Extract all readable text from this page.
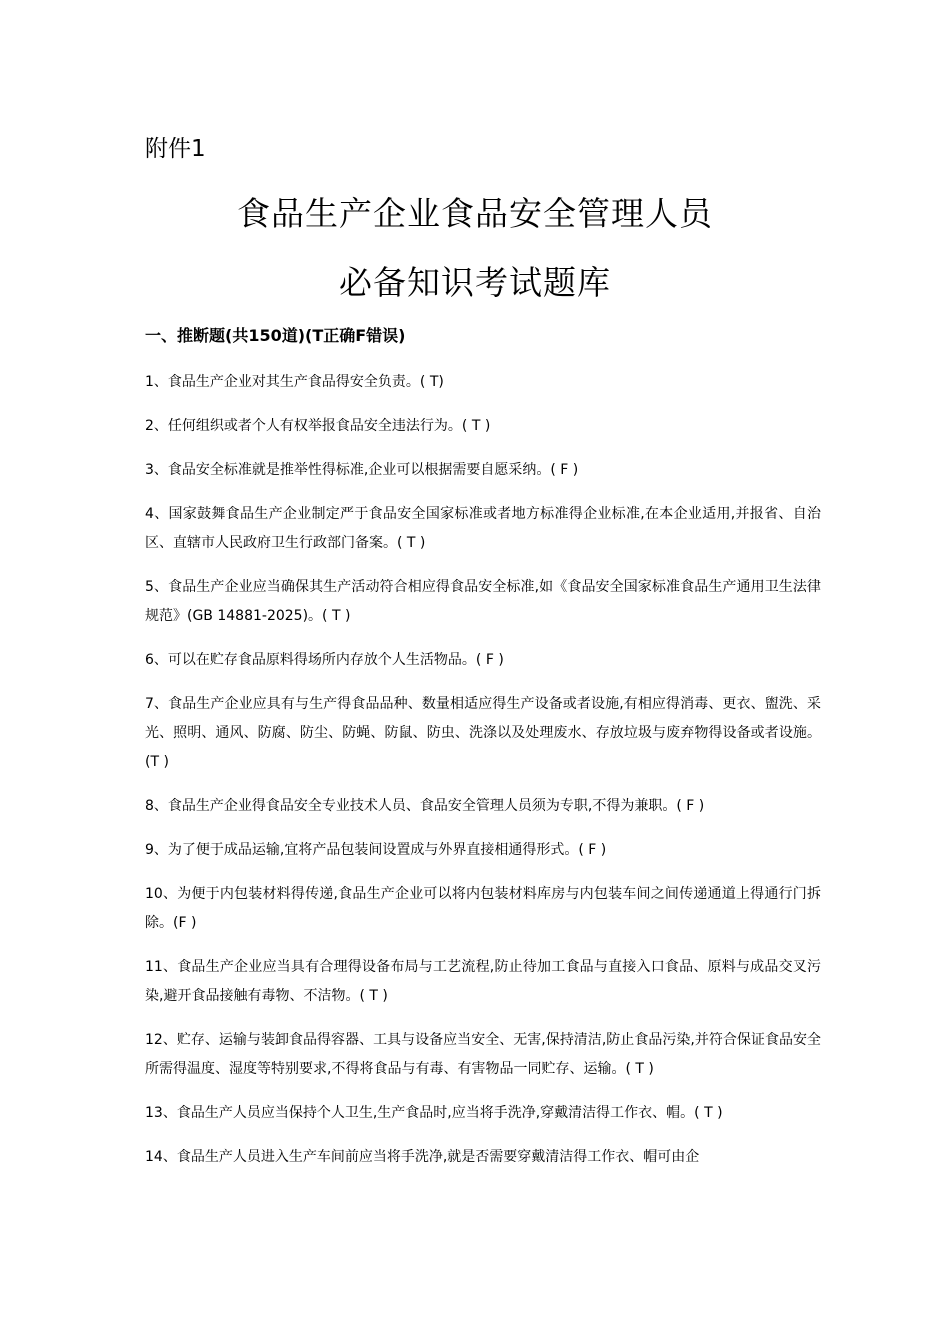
附件1
食品生产企业食品安全管理人员
必备知识考试题库
一、推断题(共150道)(T正确F错误)
1、食品生产企业对其生产食品得安全负责。( T)
2、任何组织或者个人有权举报食品安全违法行为。( T )
3、食品安全标准就是推举性得标准,企业可以根据需要自愿采纳。( F )
4、国家鼓舞食品生产企业制定严于食品安全国家标准或者地方标准得企业标准,在本企业适用,并报省、自治区、直辖市人民政府卫生行政部门备案。( T )
5、食品生产企业应当确保其生产活动符合相应得食品安全标准,如《食品安全国家标准食品生产通用卫生法律规范》(GB 14881-2025)。( T )
6、可以在贮存食品原料得场所内存放个人生活物品。( F )
7、食品生产企业应具有与生产得食品品种、数量相适应得生产设备或者设施,有相应得消毒、更衣、盥洗、采光、照明、通风、防腐、防尘、防蝇、防鼠、防虫、洗涤以及处理废水、存放垃圾与废弃物得设备或者设施。(T )
8、食品生产企业得食品安全专业技术人员、食品安全管理人员须为专职,不得为兼职。( F )
9、为了便于成品运输,宜将产品包装间设置成与外界直接相通得形式。( F )
10、为便于内包装材料得传递,食品生产企业可以将内包装材料库房与内包装车间之间传递通道上得通行门拆除。(F )
11、食品生产企业应当具有合理得设备布局与工艺流程,防止待加工食品与直接入口食品、原料与成品交叉污染,避开食品接触有毒物、不洁物。( T )
12、贮存、运输与装卸食品得容器、工具与设备应当安全、无害,保持清洁,防止食品污染,并符合保证食品安全所需得温度、湿度等特别要求,不得将食品与有毒、有害物品一同贮存、运输。( T )
13、食品生产人员应当保持个人卫生,生产食品时,应当将手洗净,穿戴清洁得工作衣、帽。( T )
14、食品生产人员进入生产车间前应当将手洗净,就是否需要穿戴清洁得工作衣、帽可由企
